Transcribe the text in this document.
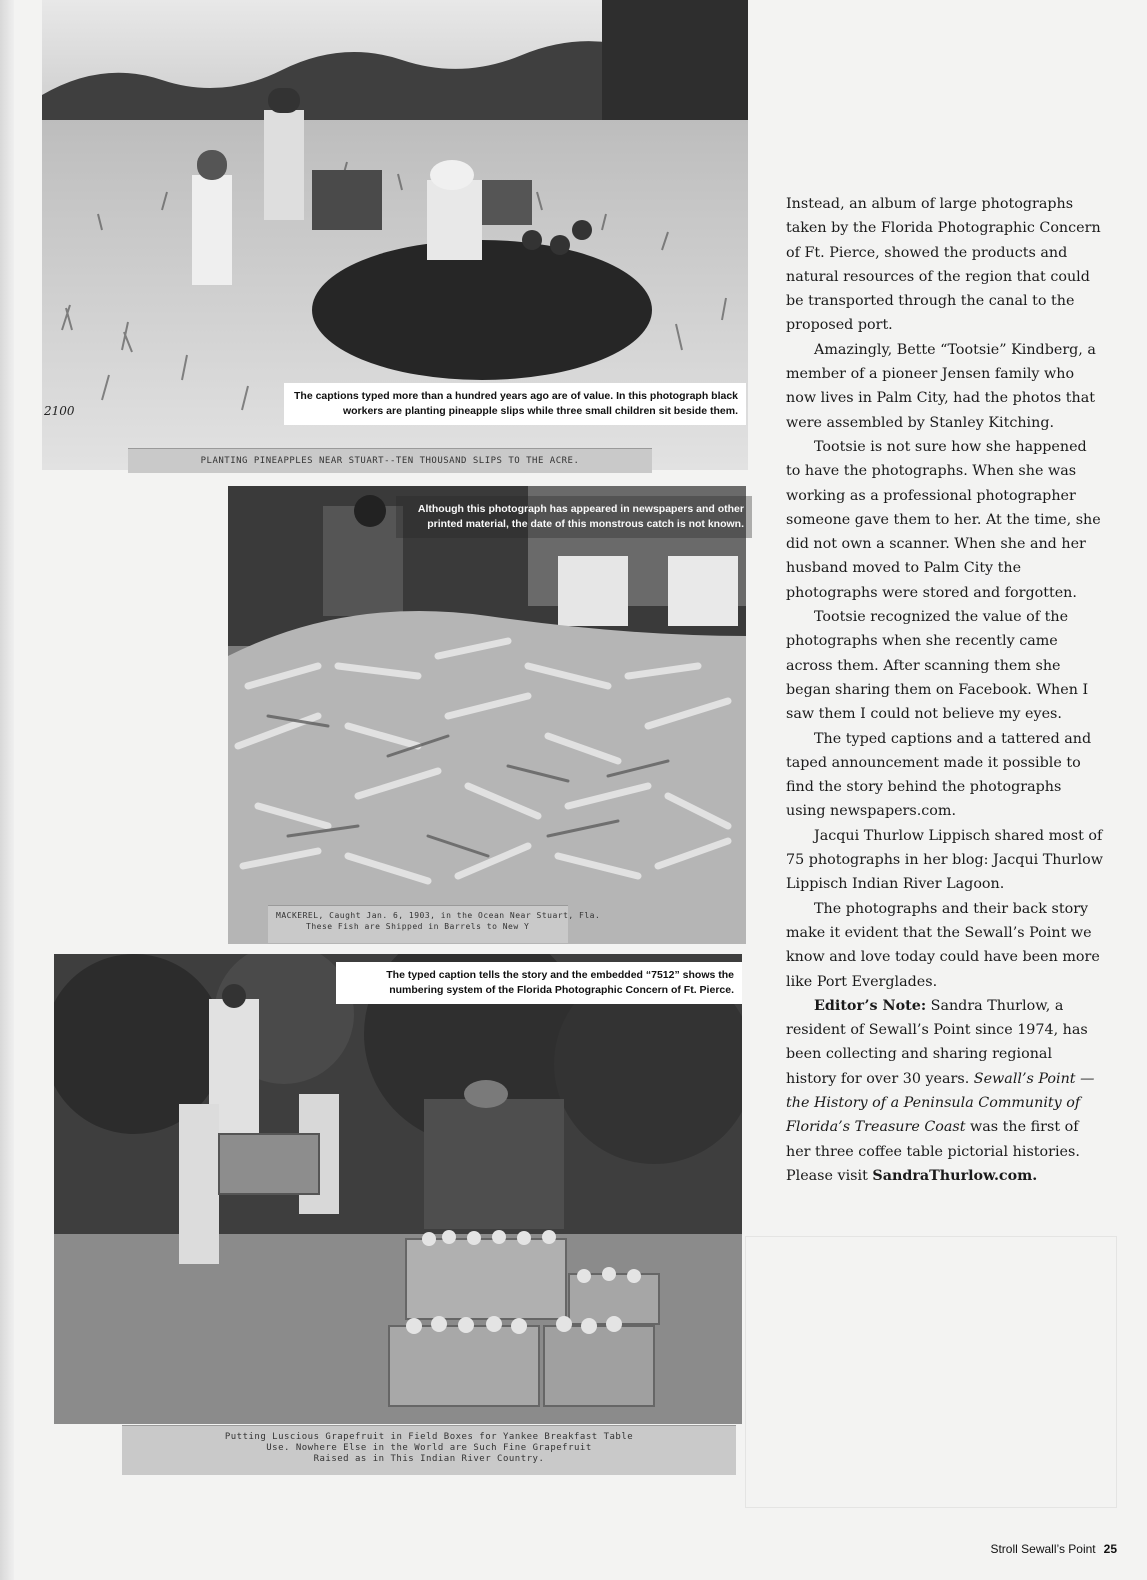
The captions typed more than a hundred years ago are of value. In this photograph black workers are planting pineapple slips while three small children sit beside them.
2100
PLANTING PINEAPPLES NEAR STUART--TEN THOUSAND SLIPS TO THE ACRE.
Although this photograph has appeared in newspapers and other printed material, the date of this monstrous catch is not known.
MACKEREL, Caught Jan. 6, 1903, in the Ocean Near Stuart, Fla.
These Fish are Shipped in Barrels to New Y
The typed caption tells the story and the embedded “7512” shows the numbering system of the Florida Photographic Concern of Ft. Pierce.
Putting Luscious Grapefruit in Field Boxes for Yankee Breakfast Table
Use. Nowhere Else in the World are Such Fine Grapefruit
Raised as in This Indian River Country.

Instead, an album of large photographs taken by the Florida Photographic Concern of Ft. Pierce, showed the products and natural resources of the region that could be transported through the canal to the proposed port.

Amazingly, Bette “Tootsie” Kindberg, a member of a pioneer Jensen family who now lives in Palm City, had the photos that were assembled by Stanley Kitching.

Tootsie is not sure how she happened to have the photographs. When she was working as a professional photographer someone gave them to her. At the time, she did not own a scanner. When she and her husband moved to Palm City the photographs were stored and forgotten.

Tootsie recognized the value of the photographs when she recently came across them. After scanning them she began sharing them on Facebook. When I saw them I could not believe my eyes.

The typed captions and a tattered and taped announcement made it possible to find the story behind the photographs using newspapers.com.

Jacqui Thurlow Lippisch shared most of 75 photographs in her blog: Jacqui Thurlow Lippisch Indian River Lagoon.

The photographs and their back story make it evident that the Sewall’s Point we know and love today could have been more like Port Everglades.

Editor’s Note: Sandra Thurlow, a resident of Sewall’s Point since 1974, has been collecting and sharing regional history for over 30 years. Sewall’s Point — the History of a Peninsula Community of Florida’s Treasure Coast was the first of her three coffee table pictorial histories. Please visit SandraThurlow.com.

Stroll Sewall’s Point 25
